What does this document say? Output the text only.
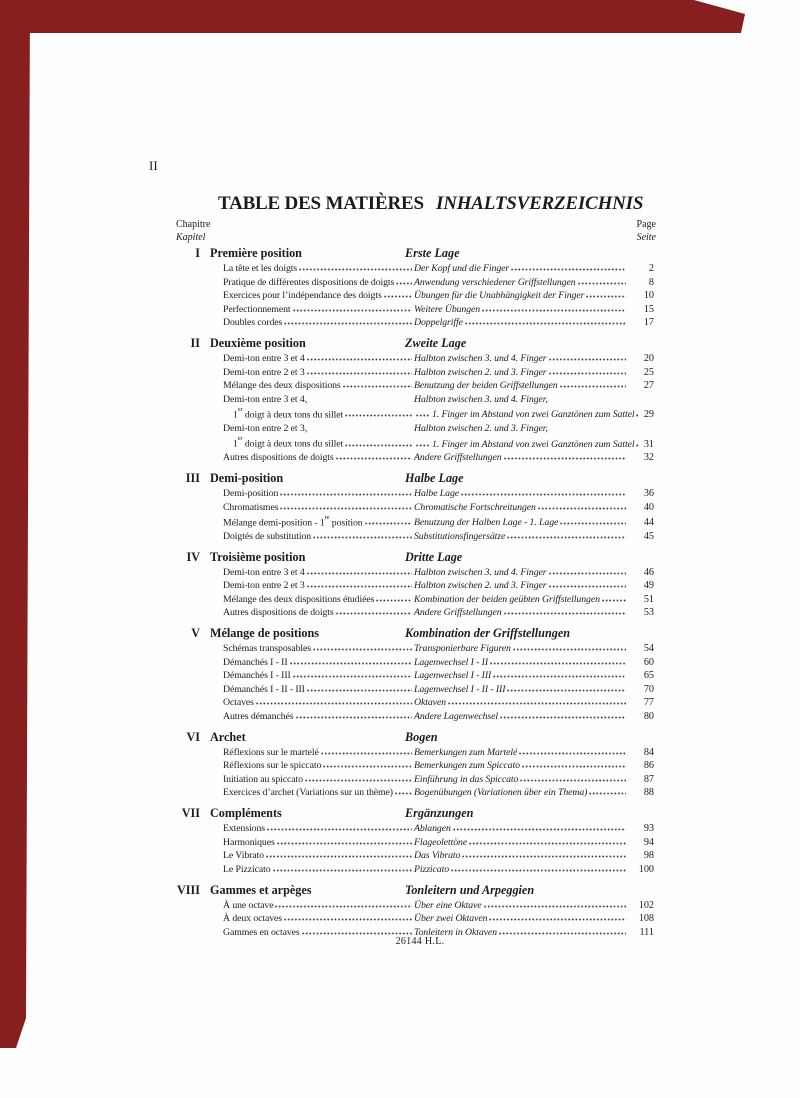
II
TABLE DES MATIÈRES INHALTSVERZEICHNIS
Chapitre
Kapitel
Page
Seite
I Première position	Erste Lage
La tête et les doigts	Der Kopf und die Finger	2
Pratique de différentes dispositions de doigts Anwendung verschiedener Griffstellungen	8
Exercices pour l’indépendance des doigts	Übungen für die Unabhängigkeit der Finger	10
Perfectionnement	Weitere Übungen	15
Doubles cordes	Doppelgriffe	17
II Deuxième position	Zweite Lage
Demi-ton entre 3 et 4	Halbton zwischen 3. und 4. Finger	20
Demi-ton entre 2 et 3	Halbton zwischen 2. und 3. Finger	25
Mélange des deux dispositions	Benutzung der beiden Griffstellungen	27
Demi-ton entre 3 et 4,	Halbton zwischen 3. und 4. Finger,
1er doigt à deux tons du sillet	1. Finger im Abstand von zwei Ganztönen zum Sattel 29
Demi-ton entre 2 et 3,	Halbton zwischen 2. und 3. Finger,
1er doigt à deux tons du sillet	1. Finger im Abstand von zwei Ganztönen zum Sattel 31
Autres dispositions de doigts	Andere Griffstellungen	32
III Demi-position	Halbe Lage
Demi-position	Halbe Lage	36
Chromatismes	Chromatische Fortschreitungen	40
Mélange demi-position - 1re position	Benutzung der Halben Lage - 1. Lage	44
Doigtés de substitution	Substitutionsfingersätze	45
IV Troisième position	Dritte Lage
Demi-ton entre 3 et 4	Halbton zwischen 3. und 4. Finger	46
Demi-ton entre 2 et 3	Halbton zwischen 2. und 3. Finger	49
Mélange des deux dispositions étudiées	Kombination der beiden geübten Griffstellungen	51
Autres dispositions de doigts	Andere Griffstellungen	53
V Mélange de positions	Kombination der Griffstellungen
Schémas transposables	Transponierbare Figuren	54
Démanchés I - II	Lagenwechsel I - II	60
Démanchés I - III	Lagenwechsel I - III	65
Démanchés I - II - III	Lagenwechsel I - II - III	70
Octaves	Oktaven	77
Autres démanchés	Andere Lagenwechsel	80
VI Archet	Bogen
Réflexions sur le martelé	Bemerkungen zum Martelé	84
Réflexions sur le spiccato	Bemerkungen zum Spiccato	86
Initiation au spiccato	Einführung in das Spiccato	87
Exercices d’archet (Variations sur un thème) Bogenübungen (Variationen über ein Thema)	88
VII Compléments	Ergänzungen
Extensions	Ablangen	93
Harmoniques	Flageolettöne	94
Le Vibrato	Das Vibrato	98
Le Pizzicato	Pizzicato	100
VIII Gammes et arpèges	Tonleitern und Arpeggien
À une octave	Über eine Oktave	102
À deux octaves	Über zwei Oktaven	108
Gammes en octaves	Tonleitern in Oktaven	111
26144 H.L.
